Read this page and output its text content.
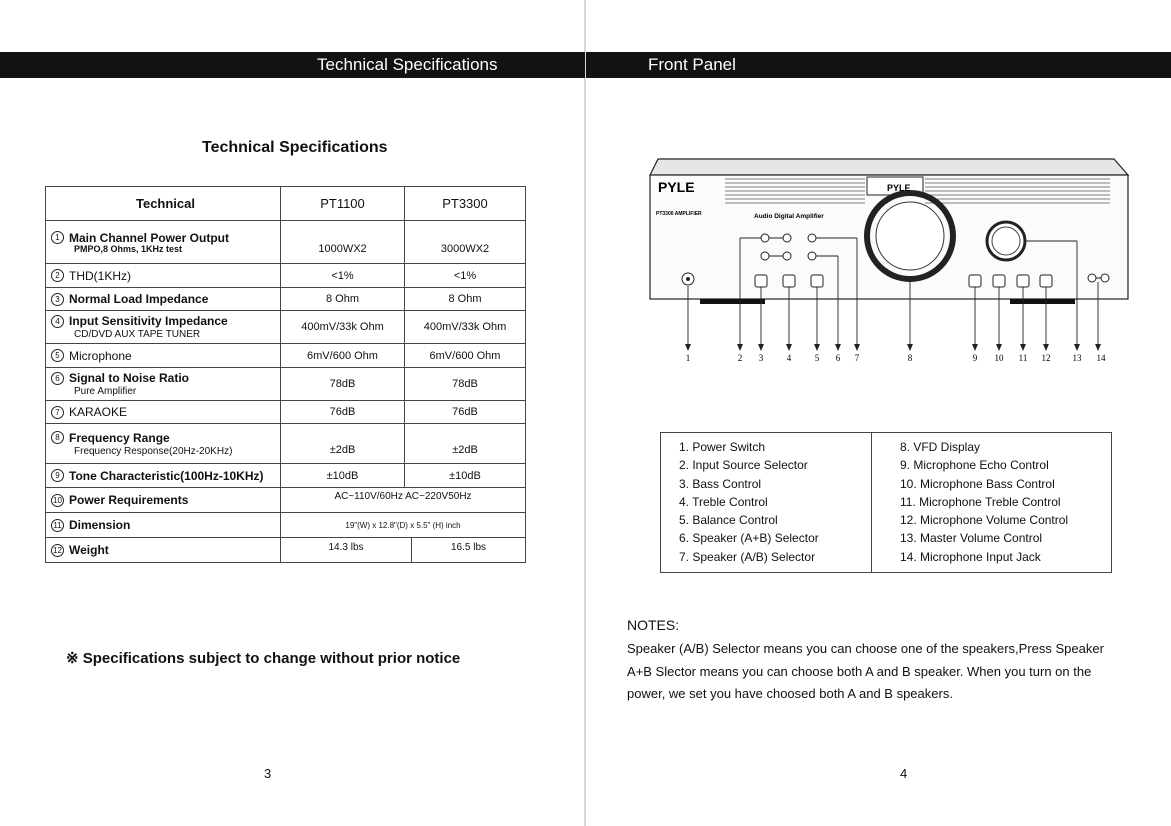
Technical Specifications	Front Panel
Technical Specifications
Technical	PT1100	PT3300
1 Main Channel Power Output
PMPO,8 Ohms, 1KHz test	1000WX2	3000WX2

2 THD(1KHz)	<1%	<1%
3 Normal Load Impedance	8 Ohm	8 Ohm
4 Input Sensitivity Impedance
CD/DVD AUX TAPE TUNER	400mV/33k Ohm	400mV/33k Ohm
5 Microphone	6mV/600 Ohm	6mV/600 Ohm
6 Signal to Noise Ratio
Pure Amplifier	78dB	78dB
7 KARAOKE	76dB	76dB
8 Frequency Range
Frequency Response(20Hz-20KHz)	±2dB	±2dB

9 Tone Characteristic(100Hz-10KHz)	±10dB	±10dB
10 Power Requirements	AC~110V/60Hz AC~220V50Hz	
11 Dimension	19"(W) x 12.8"(D) x 5.5" (H) inch	
12 Weight	14.3 lbs 16.5 lbs	
※ Specifications subject to change without prior notice
3
PYLE	PYLE
PT3300 AMPLIFIER	Audio Digital Amplifier
1	2 3	4	5 6 7	8	9 10 11 12 13 14
1. Power Switch
2. Input Source Selector
3. Bass Control
4. Treble Control
5. Balance Control
6. Speaker (A+B) Selector
7. Speaker (A/B) Selector

8. VFD Display
9. Microphone Echo Control
10. Microphone Bass Control
11. Microphone Treble Control
12. Microphone Volume Control
13. Master Volume Control
14. Microphone Input Jack
NOTES:
Speaker (A/B) Selector means you can choose one of the speakers,Press Speaker
A+B Slector means you can choose both A and B speaker. When you turn on the
power, we set you have choosed both A and B speakers.
4
